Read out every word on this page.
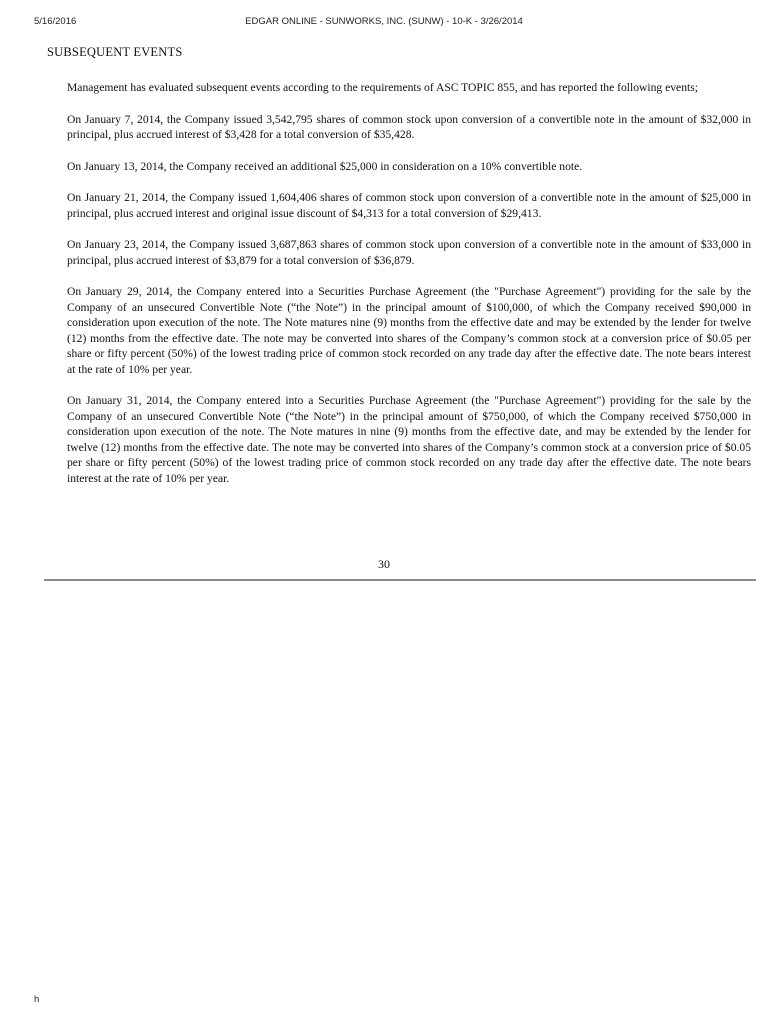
5/16/2016	EDGAR ONLINE - SUNWORKS, INC. (SUNW) - 10-K - 3/26/2014
SUBSEQUENT EVENTS

Management has evaluated subsequent events according to the requirements of ASC TOPIC 855, and has reported the following events;

On January 7, 2014, the Company issued 3,542,795 shares of common stock upon conversion of a convertible note in the amount of $32,000 in principal, plus accrued interest of $3,428 for a total conversion of $35,428.

On January 13, 2014, the Company received an additional $25,000 in consideration on a 10% convertible note.

On January 21, 2014, the Company issued 1,604,406 shares of common stock upon conversion of a convertible note in the amount of $25,000 in principal, plus accrued interest and original issue discount of $4,313 for a total conversion of $29,413.

On January 23, 2014, the Company issued 3,687,863 shares of common stock upon conversion of a convertible note in the amount of $33,000 in principal, plus accrued interest of $3,879 for a total conversion of $36,879.

On January 29, 2014, the Company entered into a Securities Purchase Agreement (the "Purchase Agreement") providing for the sale by the Company of an unsecured Convertible Note (“the Note”) in the principal amount of $100,000, of which the Company received $90,000 in consideration upon execution of the note. The Note matures nine (9) months from the effective date and may be extended by the lender for twelve (12) months from the effective date. The note may be converted into shares of the Company’s common stock at a conversion price of $0.05 per share or fifty percent (50%) of the lowest trading price of common stock recorded on any trade day after the effective date. The note bears interest at the rate of 10% per year.

On January 31, 2014, the Company entered into a Securities Purchase Agreement (the "Purchase Agreement") providing for the sale by the Company of an unsecured Convertible Note (“the Note”) in the principal amount of $750,000, of which the Company received $750,000 in consideration upon execution of the note. The Note matures in nine (9) months from the effective date, and may be extended by the lender for twelve (12) months from the effective date. The note may be converted into shares of the Company’s common stock at a conversion price of $0.05 per share or fifty percent (50%) of the lowest trading price of common stock recorded on any trade day after the effective date. The note bears interest at the rate of 10% per year.

30
h
